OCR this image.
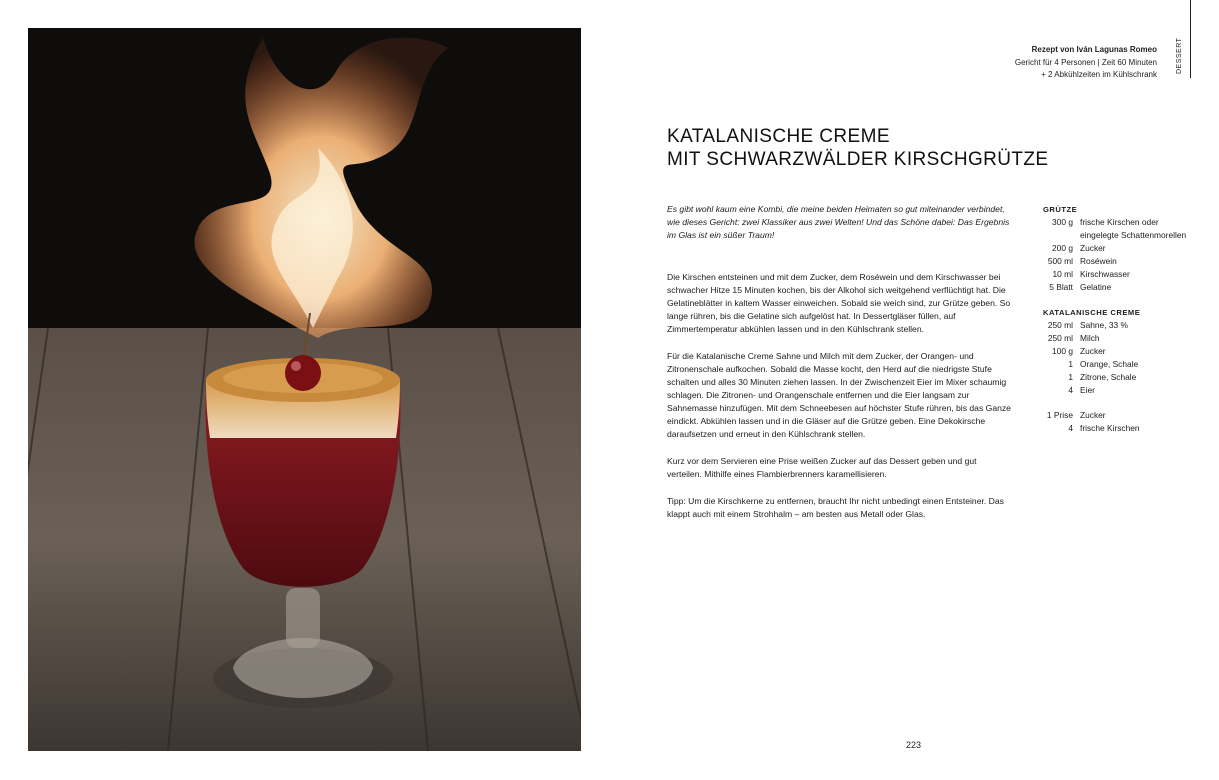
Rezept von Iván Lagunas Romeo
Gericht für 4 Personen | Zeit 60 Minuten
+ 2 Abkühlzeiten im Kühlschrank
DESSERT
KATALANISCHE CREME
MIT SCHWARZWÄLDER KIRSCHGRÜTZE

Es gibt wohl kaum eine Kombi, die meine beiden Heimaten so gut miteinander verbindet, wie dieses Gericht: zwei Klassiker aus zwei Welten! Und das Schöne dabei: Das Ergebnis im Glas ist ein süßer Traum!

Die Kirschen entsteinen und mit dem Zucker, dem Roséwein und dem Kirschwasser bei schwacher Hitze 15 Minuten kochen, bis der Alkohol sich weitgehend verflüchtigt hat. Die Gelatineblätter in kaltem Wasser einweichen. Sobald sie weich sind, zur Grütze geben. So lange rühren, bis die Gelatine sich aufgelöst hat. In Dessertgläser füllen, auf Zimmertemperatur abkühlen lassen und in den Kühlschrank stellen.

Für die Katalanische Creme Sahne und Milch mit dem Zucker, der Orangen- und Zitronenschale aufkochen. Sobald die Masse kocht, den Herd auf die niedrigste Stufe schalten und alles 30 Minuten ziehen lassen. In der Zwischenzeit Eier im Mixer schaumig schlagen. Die Zitronen- und Orangenschale entfernen und die Eier langsam zur Sahnemasse hinzufügen. Mit dem Schneebesen auf höchster Stufe rühren, bis das Ganze eindickt. Abkühlen lassen und in die Gläser auf die Grütze geben. Eine Dekokirsche daraufsetzen und erneut in den Kühlschrank stellen.

Kurz vor dem Servieren eine Prise weißen Zucker auf das Dessert geben und gut verteilen. Mithilfe eines Flambierbrenners karamellisieren.

Tipp: Um die Kirschkerne zu entfernen, braucht Ihr nicht unbedingt einen Entsteiner. Das klappt auch mit einem Strohhalm – am besten aus Metall oder Glas.

GRÜTZE
300 g	frische Kirschen oder eingelegte Schattenmorellen
200 g	Zucker
500 ml	Roséwein
10 ml	Kirschwasser
5 Blatt	Gelatine
KATALANISCHE CREME
250 ml	Sahne, 33 %
250 ml	Milch
100 g	Zucker
1	Orange, Schale
1	Zitrone, Schale
4	Eier
1 Prise	Zucker
4	frische Kirschen
223
